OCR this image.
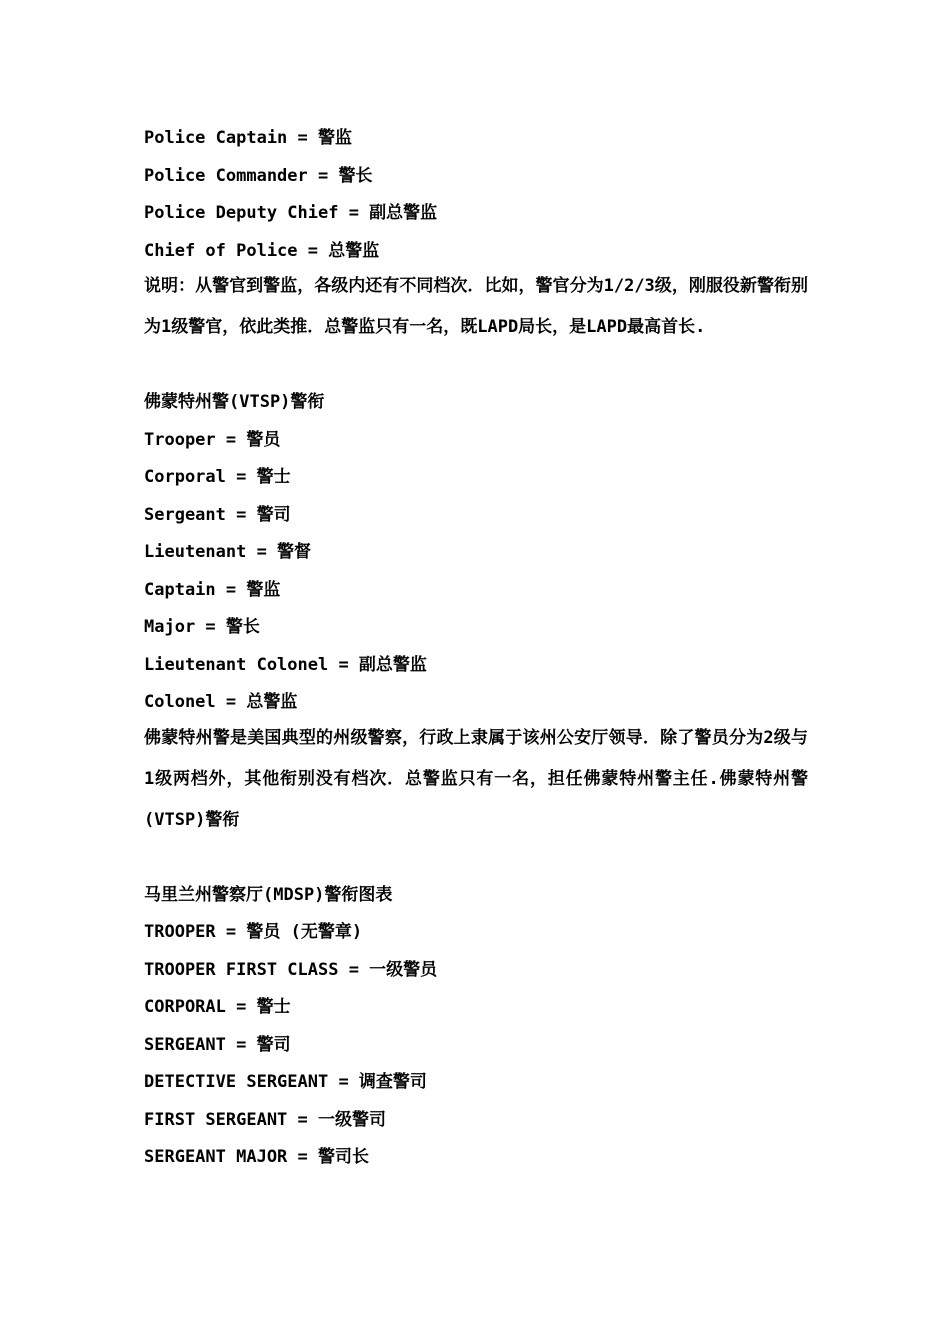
Police Captain = 警监
Police Commander = 警长
Police Deputy Chief = 副总警监
Chief of Police = 总警监
说明：从警官到警监，各级内还有不同档次．比如，警官分为1/2/3级，刚服役新警衔别为1级警官，依此类推．总警监只有一名，既LAPD局长，是LAPD最高首长.
佛蒙特州警(VTSP)警衔
Trooper = 警员
Corporal = 警士
Sergeant = 警司
Lieutenant = 警督
Captain = 警监
Major = 警长
Lieutenant Colonel = 副总警监
Colonel = 总警监
佛蒙特州警是美国典型的州级警察，行政上隶属于该州公安厅领导．除了警员分为2级与1级两档外，其他衔别没有档次．总警监只有一名，担任佛蒙特州警主任.佛蒙特州警(VTSP)警衔
马里兰州警察厅(MDSP)警衔图表
TROOPER = 警员 (无警章)
TROOPER FIRST CLASS = 一级警员
CORPORAL = 警士
SERGEANT = 警司
DETECTIVE SERGEANT = 调查警司
FIRST SERGEANT = 一级警司
SERGEANT MAJOR = 警司长
